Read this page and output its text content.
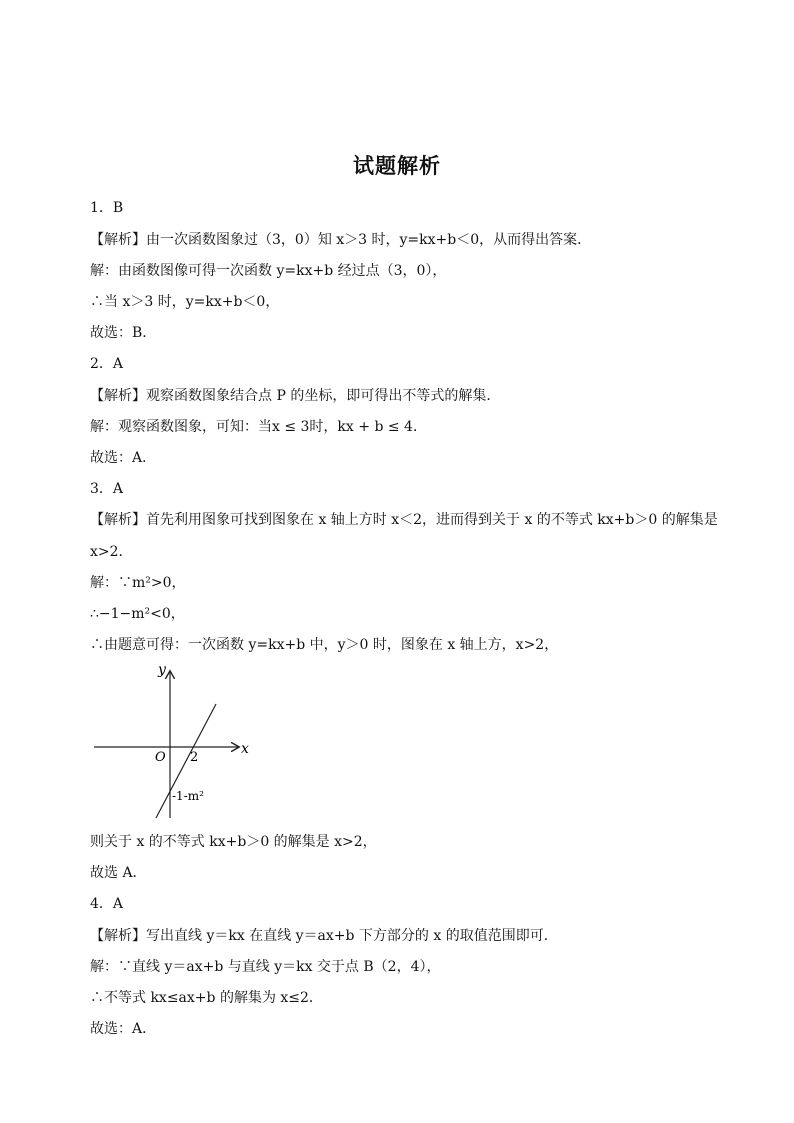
试题解析
1．B
【解析】由一次函数图象过（3，0）知 x＞3 时，y=kx+b＜0，从而得出答案．
解：由函数图像可得一次函数 y=kx+b 经过点（3，0），
∴当 x＞3 时，y=kx+b＜0，
故选：B．
2．A
【解析】观察函数图象结合点 P 的坐标，即可得出不等式的解集．
解：观察函数图象，可知：当x ≤ 3时，kx + b ≤ 4．
故选：A．
3．A
【解析】首先利用图象可找到图象在 x 轴上方时 x＜2，进而得到关于 x 的不等式 kx+b＞0 的解集是
x>2．
解：∵m²>0，
∴−1−m²<0，
∴由题意可得：一次函数 y=kx+b 中，y＞0 时，图象在 x 轴上方，x>2，
y
x
O 2
-1-m²
则关于 x 的不等式 kx+b＞0 的解集是 x>2，
故选 A．
4．A
【解析】写出直线 y＝kx 在直线 y＝ax+b 下方部分的 x 的取值范围即可．
解：∵直线 y＝ax+b 与直线 y＝kx 交于点 B（2，4），
∴不等式 kx≤ax+b 的解集为 x≤2．
故选：A．
